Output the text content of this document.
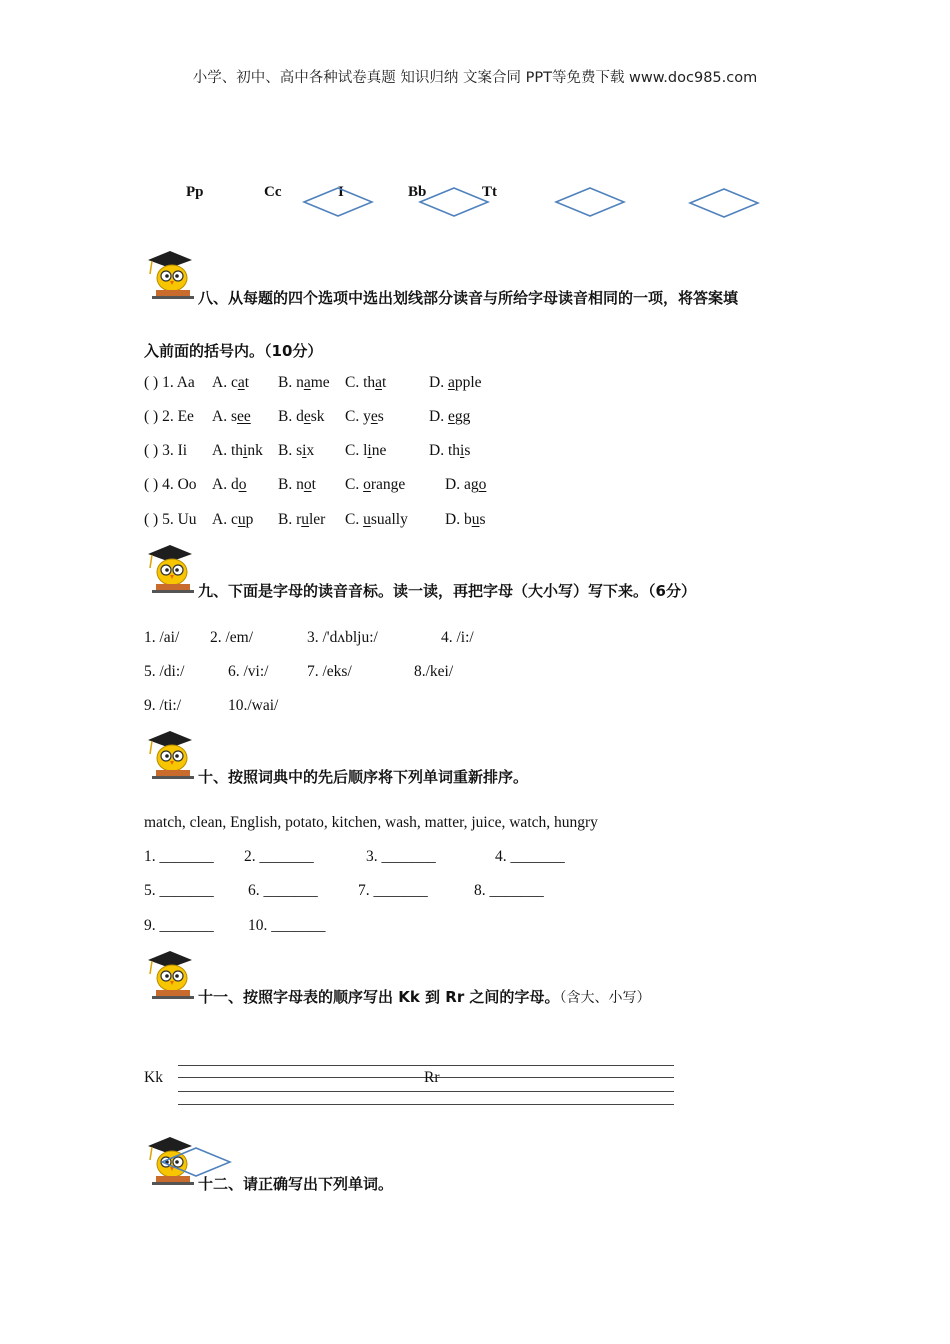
小学、初中、高中各种试卷真题 知识归纳 文案合同 PPT等免费下载 www.doc985.com
Pp	Cc	I	Bb	Tt
八、从每题的四个选项中选出划线部分读音与所给字母读音相同的一项，将答案填
入前面的括号内。（10分）
( ) 1. Aa A. cat B. name C. that	D. apple
( ) 2. Ee A. see B. desk C. yes	D. egg
( ) 3. Ii A. think B. six C. line	D. this
( ) 4. Oo A. do B. not C. orange	D. ago
( ) 5. Uu A. cup B. ruler C. usually D. bus
九、下面是字母的读音音标。读一读，再把字母（大小写）写下来。（6分）
1. /ai/ 2. /em/	3. /'dʌblju:/	4. /i:/
5. /di:/	6. /vi:/ 7. /eks/	8./kei/
9. /ti:/	10./wai/
十、按照词典中的先后顺序将下列单词重新排序。
match, clean, English, potato, kitchen, wash, matter, juice, watch, hungry
1. _______ 2. _______	3. _______	4. _______
5. _______ 6. _______	7. _______	8. _______
9. _______ 10. _______
十一、按照字母表的顺序写出 Kk 到 Rr 之间的字母。（含大、小写）
Kk	Rr
十二、请正确写出下列单词。
